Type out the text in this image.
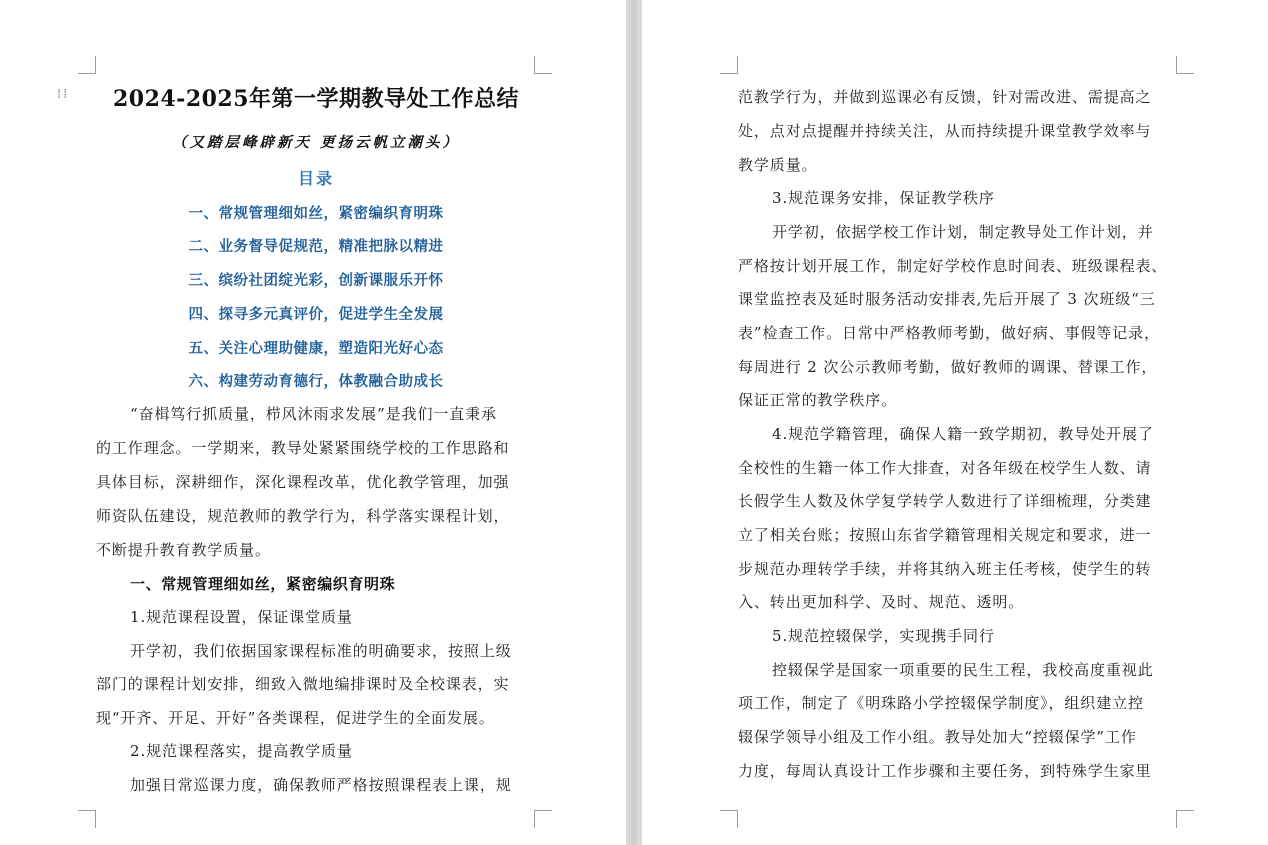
⁞⁞	2024-2025年第一学期教导处工作总结
（又踏层峰辟新天 更扬云帆立潮头）
目录
一、常规管理细如丝，紧密编织育明珠
二、业务督导促规范，精准把脉以精进
三、缤纷社团绽光彩，创新课服乐开怀
四、探寻多元真评价，促进学生全发展
五、关注心理助健康，塑造阳光好心态
六、构建劳动育德行，体教融合助成长
“奋楫笃行抓质量，栉风沐雨求发展”是我们一直秉承
的工作理念。一学期来，教导处紧紧围绕学校的工作思路和
具体目标，深耕细作，深化课程改革，优化教学管理，加强
师资队伍建设，规范教师的教学行为，科学落实课程计划，
不断提升教育教学质量。
一、常规管理细如丝，紧密编织育明珠
1.规范课程设置，保证课堂质量
开学初，我们依据国家课程标准的明确要求，按照上级
部门的课程计划安排，细致入微地编排课时及全校课表，实
现“开齐、开足、开好”各类课程，促进学生的全面发展。
2.规范课程落实，提高教学质量
加强日常巡课力度，确保教师严格按照课程表上课，规
范教学行为，并做到巡课必有反馈，针对需改进、需提高之
处，点对点提醒并持续关注，从而持续提升课堂教学效率与
教学质量。
3.规范课务安排，保证教学秩序
开学初，依据学校工作计划，制定教导处工作计划，并
严格按计划开展工作，制定好学校作息时间表、班级课程表、
课堂监控表及延时服务活动安排表,先后开展了 3 次班级“三
表”检查工作。日常中严格教师考勤，做好病、事假等记录，
每周进行 2 次公示教师考勤，做好教师的调课、替课工作，
保证正常的教学秩序。
4.规范学籍管理，确保人籍一致学期初，教导处开展了
全校性的生籍一体工作大排查，对各年级在校学生人数、请
长假学生人数及休学复学转学人数进行了详细梳理，分类建
立了相关台账；按照山东省学籍管理相关规定和要求，进一
步规范办理转学手续，并将其纳入班主任考核，使学生的转
入、转出更加科学、及时、规范、透明。
5.规范控辍保学，实现携手同行
控辍保学是国家一项重要的民生工程，我校高度重视此
项工作，制定了《明珠路小学控辍保学制度》，组织建立控
辍保学领导小组及工作小组。教导处加大“控辍保学”工作
力度，每周认真设计工作步骤和主要任务，到特殊学生家里
